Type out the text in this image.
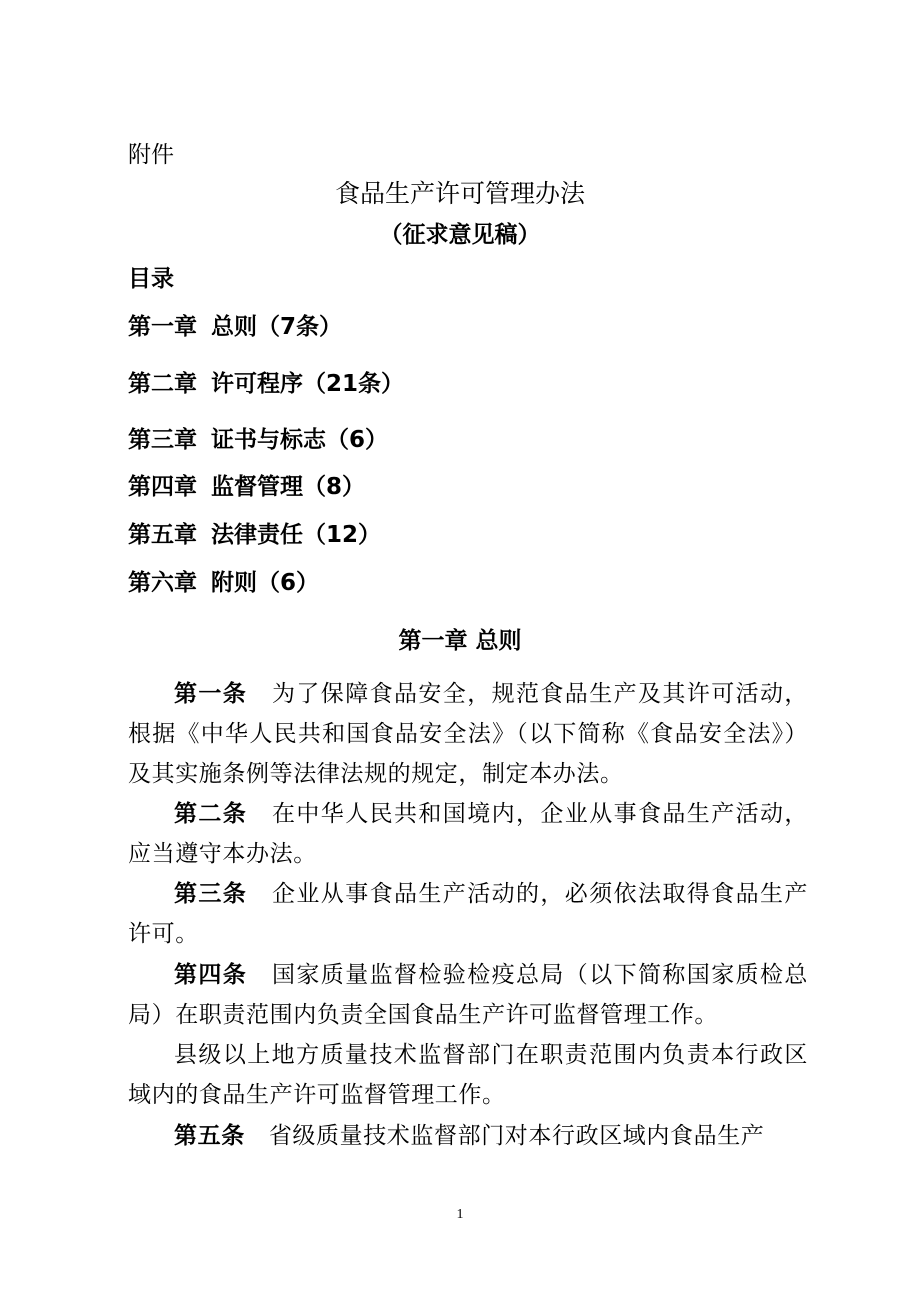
附件
食品生产许可管理办法
（征求意见稿）
目录
第一章 总则（7条）
第二章 许可程序（21条）
第三章 证书与标志（6）
第四章 监督管理（8）
第五章 法律责任（12）
第六章 附则（6）
第一章 总则
第一条 为了保障食品安全，规范食品生产及其许可活动，根据《中华人民共和国食品安全法》（以下简称《食品安全法》）及其实施条例等法律法规的规定，制定本办法。
第二条 在中华人民共和国境内，企业从事食品生产活动，应当遵守本办法。
第三条 企业从事食品生产活动的，必须依法取得食品生产许可。
第四条 国家质量监督检验检疫总局（以下简称国家质检总局）在职责范围内负责全国食品生产许可监督管理工作。
县级以上地方质量技术监督部门在职责范围内负责本行政区域内的食品生产许可监督管理工作。
第五条 省级质量技术监督部门对本行政区域内食品生产
1
